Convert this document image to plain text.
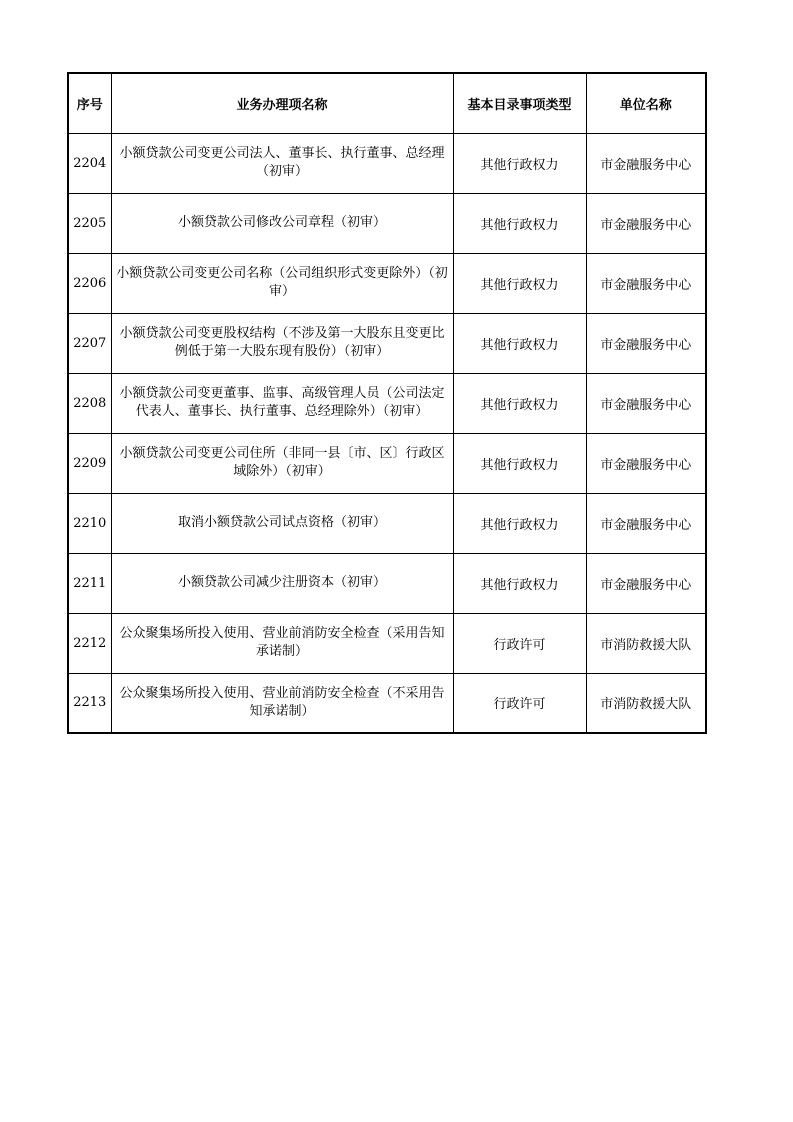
序号	业务办理项名称	基本目录事项类型	单位名称
2204	小额贷款公司变更公司法人、董事长、执行董事、总经理（初审）	其他行政权力	市金融服务中心
2205	小额贷款公司修改公司章程（初审）	其他行政权力	市金融服务中心
2206	小额贷款公司变更公司名称（公司组织形式变更除外）（初审）	其他行政权力	市金融服务中心
2207	小额贷款公司变更股权结构（不涉及第一大股东且变更比例低于第一大股东现有股份）（初审）	其他行政权力	市金融服务中心
2208	小额贷款公司变更董事、监事、高级管理人员（公司法定代表人、董事长、执行董事、总经理除外）（初审）	其他行政权力	市金融服务中心
2209	小额贷款公司变更公司住所（非同一县〔市、区〕行政区域除外）（初审）	其他行政权力	市金融服务中心
2210	取消小额贷款公司试点资格（初审）	其他行政权力	市金融服务中心
2211	小额贷款公司减少注册资本（初审）	其他行政权力	市金融服务中心
2212	公众聚集场所投入使用、营业前消防安全检查（采用告知承诺制）	行政许可	市消防救援大队
2213	公众聚集场所投入使用、营业前消防安全检查（不采用告知承诺制）	行政许可	市消防救援大队
